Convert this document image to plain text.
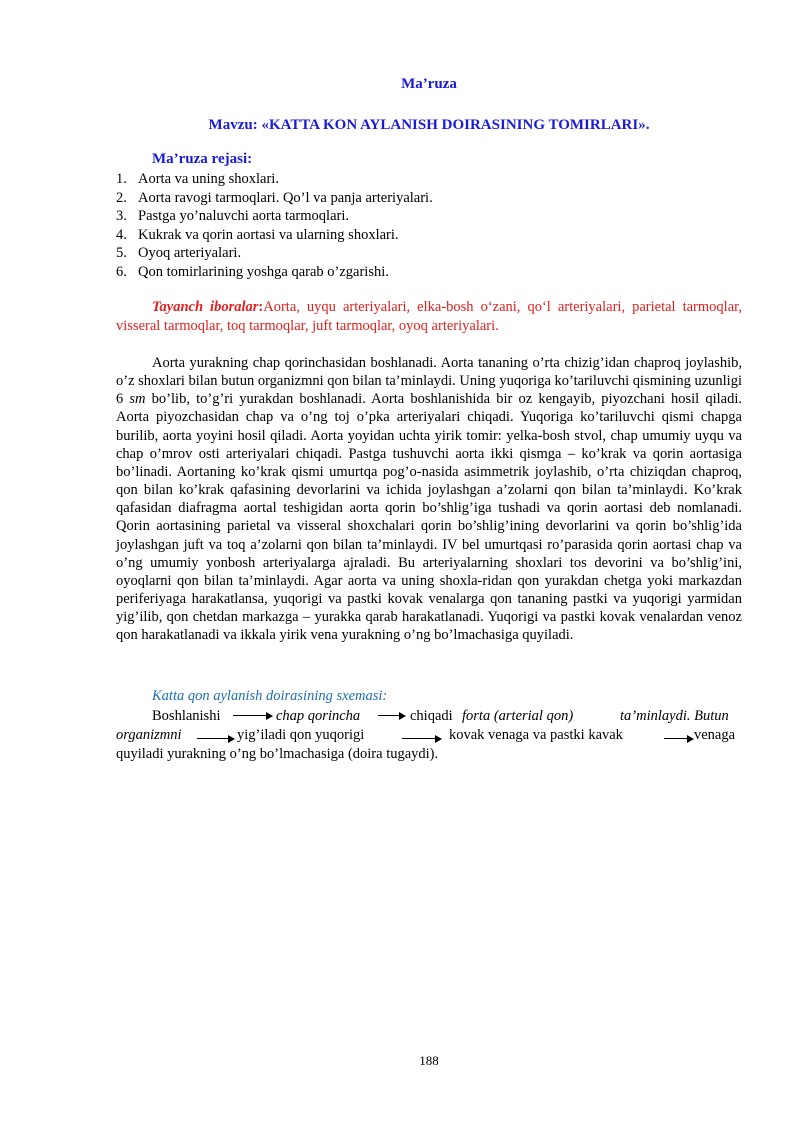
Ma’ruza
Mavzu: «KATTA KON AYLANISH DOIRASINING TOMIRLARI».
Ma’ruza rejasi:
1. Aorta va uning shoxlari.
2. Aorta ravogi tarmoqlari. Qo’l va panja arteriyalari.
3. Pastga yo’naluvchi aorta tarmoqlari.
4. Kukrak va qorin aortasi va ularning shoxlari.
5. Oyoq arteriyalari.
6. Qon tomirlarining yoshga qarab o’zgarishi.
Tayanch iboralar:Aorta, uyqu arteriyalari, elka-bosh o‘zani, qo‘l arteriyalari, parietal tarmoqlar, visseral tarmoqlar, toq tarmoqlar, juft tarmoqlar, oyoq arteriyalari.

Aorta yurakning chap qorinchasidan boshlanadi. Aorta tananing o’rta chizig’idan chaproq joylashib, o’z shoxlari bilan butun organizmni qon bilan ta’minlaydi. Uning yuqoriga ko’tariluvchi qismining uzunligi 6 sm bo’lib, to’g’ri yurakdan boshlanadi. Aorta boshlanishida bir oz kengayib, piyozchani hosil qiladi. Aorta piyozchasidan chap va o’ng toj o’pka arteriyalari chiqadi. Yuqoriga ko’tariluvchi qismi chapga burilib, aorta yoyini hosil qiladi. Aorta yoyidan uchta yirik tomir: yelka-bosh stvol, chap umumiy uyqu va chap o’mrov osti arteriyalari chiqadi. Pastga tushuvchi aorta ikki qismga – ko’krak va qorin aortasiga bo’linadi. Aortaning ko’krak qismi umurtqa pog’o-nasida asimmetrik joylashib, o’rta chiziqdan chaproq, qon bilan ko’krak qafasining devorlarini va ichida joylashgan a’zolarni qon bilan ta’minlaydi. Ko’krak qafasidan diafragma aortal teshigidan aorta qorin bo’shlig’iga tushadi va qorin aortasi deb nomlanadi. Qorin aortasining parietal va visseral shoxchalari qorin bo’shlig’ining devorlarini va qorin bo’shlig’ida joylashgan juft va toq a’zolarni qon bilan ta’minlaydi. IV bel umurtqasi ro’parasida qorin aortasi chap va o’ng umumiy yonbosh arteriyalarga ajraladi. Bu arteriyalarning shoxlari tos devorini va bo’shlig’ini, oyoqlarni qon bilan ta’minlaydi. Agar aorta va uning shoxla-ridan qon yurakdan chetga yoki markazdan periferiyaga harakatlansa, yuqorigi va pastki kovak venalarga qon tananing pastki va yuqorigi yarmidan yig’ilib, qon chetdan markazga – yurakka qarab harakatlanadi. Yuqorigi va pastki kovak venalardan venoz qon harakatlanadi va ikkala yirik vena yurakning o’ng bo’lmachasiga quyiladi.

Katta qon aylanish doirasining sxemasi:
Boshlanishi	chap qorincha	chiqadi forta (arterial qon)	ta’minlaydi. Butun
organizmni	yig’iladi qon yuqorigi	kovak venaga va pastki kavak	venaga
quyiladi yurakning o’ng bo’lmachasiga (doira tugaydi).
188
